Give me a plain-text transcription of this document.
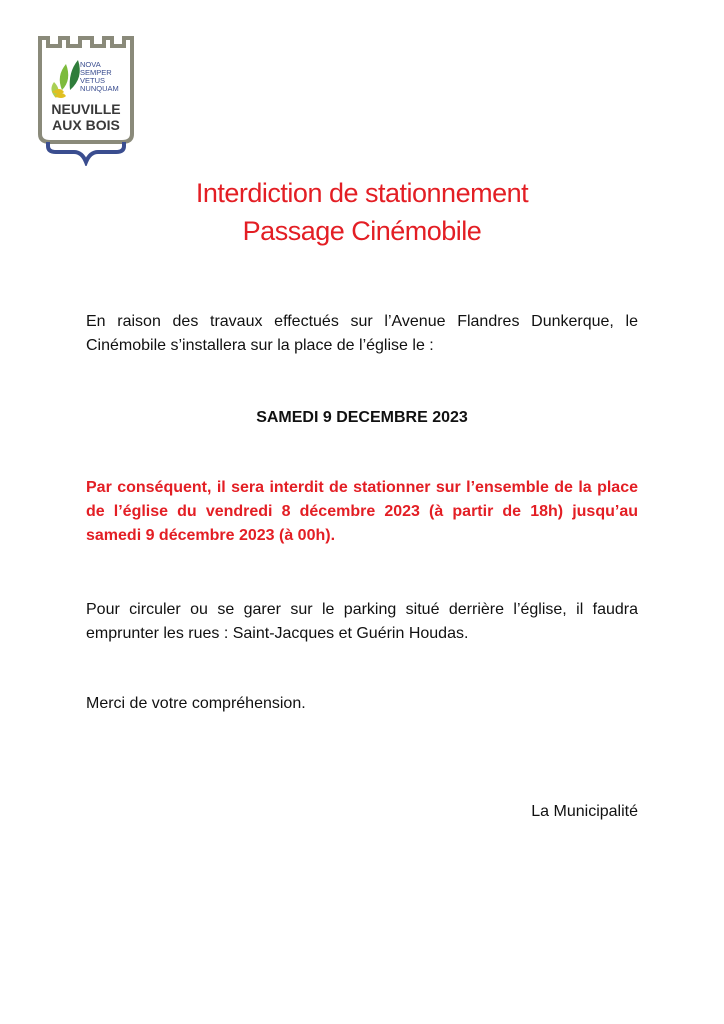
NOVA
SEMPER
VETUS
NUNQUAM
NEUVILLE
AUX BOIS
Interdiction de stationnement
Passage Cinémobile
En raison des travaux effectués sur l’Avenue Flandres Dunkerque, le Cinémobile s’installera sur la place de l’église le :
SAMEDI 9 DECEMBRE 2023
Par conséquent, il sera interdit de stationner sur l’ensemble de la place de l’église du vendredi 8 décembre 2023 (à partir de 18h) jusqu’au samedi 9 décembre 2023 (à 00h).
Pour circuler ou se garer sur le parking situé derrière l’église, il faudra emprunter les rues : Saint-Jacques et Guérin Houdas.
Merci de votre compréhension.
La Municipalité
